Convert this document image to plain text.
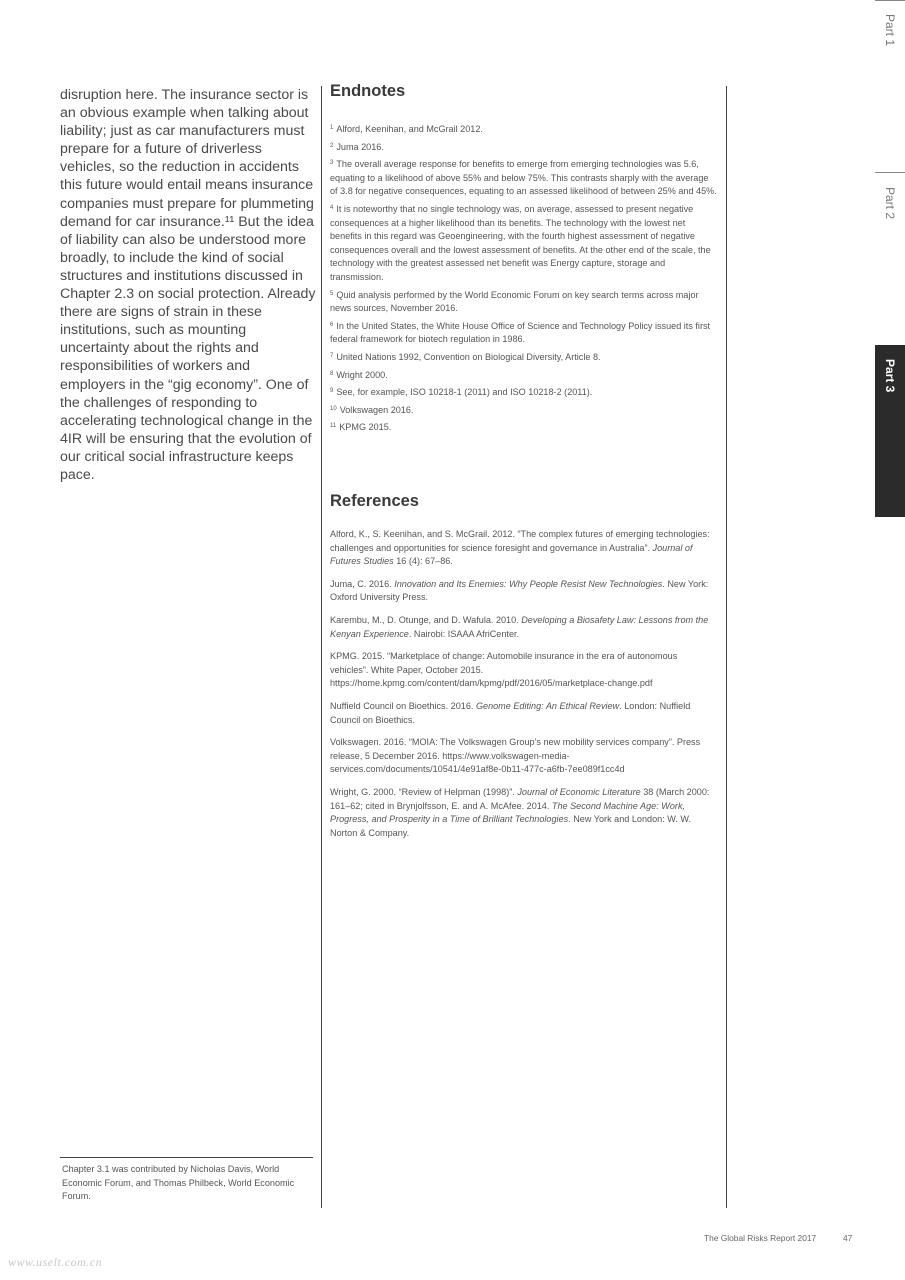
disruption here. The insurance sector is an obvious example when talking about liability; just as car manufacturers must prepare for a future of driverless vehicles, so the reduction in accidents this future would entail means insurance companies must prepare for plummeting demand for car insurance.¹¹ But the idea of liability can also be understood more broadly, to include the kind of social structures and institutions discussed in Chapter 2.3 on social protection. Already there are signs of strain in these institutions, such as mounting uncertainty about the rights and responsibilities of workers and employers in the “gig economy”. One of the challenges of responding to accelerating technological change in the 4IR will be ensuring that the evolution of our critical social infrastructure keeps pace.

Endnotes

$^1$ Alford, Keenihan, and McGrail 2012.

$^2$ Juma 2016.

$^3$ The overall average response for benefits to emerge from emerging technologies was 5.6, equating to a likelihood of above 55% and below 75%. This contrasts sharply with the average of 3.8 for negative consequences, equating to an assessed likelihood of between 25% and 45%.

$^4$ It is noteworthy that no single technology was, on average, assessed to present negative consequences at a higher likelihood than its benefits. The technology with the lowest net benefits in this regard was Geoengineering, with the fourth highest assessment of negative consequences overall and the lowest assessment of benefits. At the other end of the scale, the technology with the greatest assessed net benefit was Energy capture, storage and transmission.

$^5$ Quid analysis performed by the World Economic Forum on key search terms across major news sources, November 2016.

$^6$ In the United States, the White House Office of Science and Technology Policy issued its first federal framework for biotech regulation in 1986.

$^7$ United Nations 1992, Convention on Biological Diversity, Article 8.

$^8$ Wright 2000.

$^9$ See, for example, ISO 10218-1 (2011) and ISO 10218-2 (2011).

$^{10}$ Volkswagen 2016.

$^{11}$ KPMG 2015.

References

Alford, K., S. Keenihan, and S. McGrail. 2012. “The complex futures of emerging technologies: challenges and opportunities for science foresight and governance in Australia”. Journal of Futures Studies 16 (4): 67–86.

Juma, C. 2016. Innovation and Its Enemies: Why People Resist New Technologies. New York: Oxford University Press.

Karembu, M., D. Otunge, and D. Wafula. 2010. Developing a Biosafety Law: Lessons from the Kenyan Experience. Nairobi: ISAAA AfriCenter.

KPMG. 2015. “Marketplace of change: Automobile insurance in the era of autonomous vehicles”. White Paper, October 2015. https://home.kpmg.com/content/dam/kpmg/pdf/2016/05/marketplace-change.pdf

Nuffield Council on Bioethics. 2016. Genome Editing: An Ethical Review. London: Nuffield Council on Bioethics.

Volkswagen. 2016. “MOIA: The Volkswagen Group’s new mobility services company”. Press release, 5 December 2016. https://www.volkswagen-media-services.com/documents/10541/4e91af8e-0b11-477c-a6fb-7ee089f1cc4d

Wright, G. 2000. “Review of Helpman (1998)”. Journal of Economic Literature 38 (March 2000: 161–62; cited in Brynjolfsson, E. and A. McAfee. 2014. The Second Machine Age: Work, Progress, and Prosperity in a Time of Brilliant Technologies. New York and London: W. W. Norton & Company.

Chapter 3.1 was contributed by Nicholas Davis, World Economic Forum, and Thomas Philbeck, World Economic Forum.

The Global Risks Report 2017	47
Part 1
Part 2
Part 3
www.uselt.com.cn
